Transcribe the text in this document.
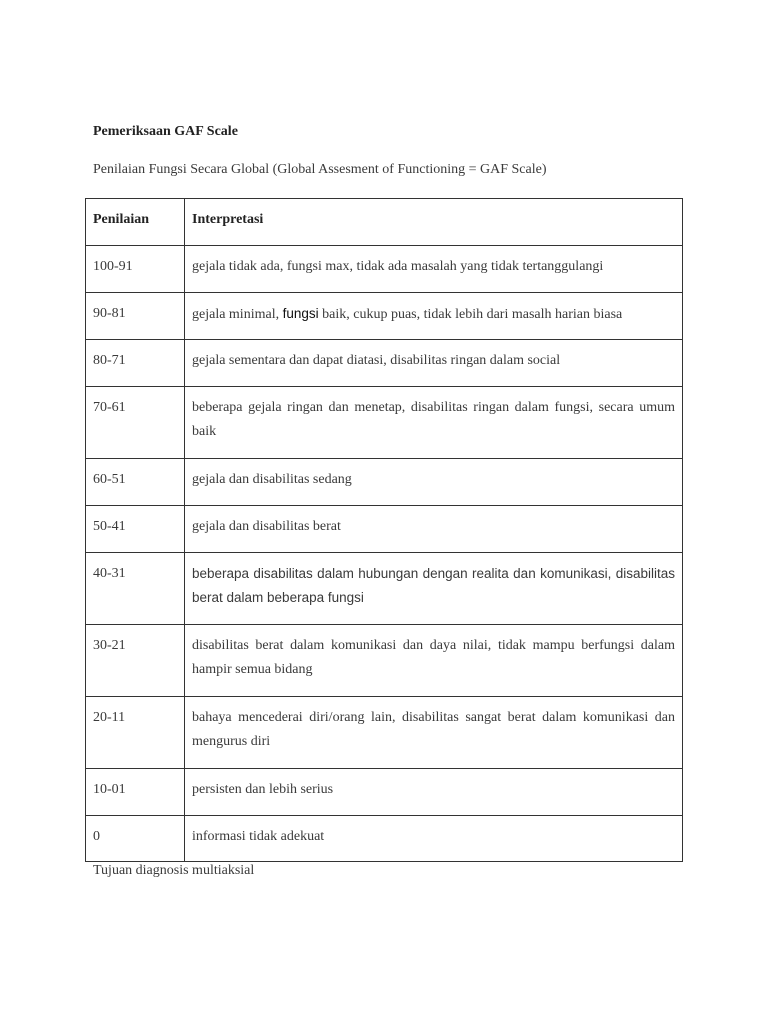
Pemeriksaan GAF Scale

Penilaian Fungsi Secara Global (Global Assesment of Functioning = GAF Scale)

Penilaian	Interpretasi
100-91	gejala tidak ada, fungsi max, tidak ada masalah yang tidak tertanggulangi
90-81	gejala minimal, fungsi baik, cukup puas, tidak lebih dari masalh harian biasa
80-71	gejala sementara dan dapat diatasi, disabilitas ringan dalam social
70-61	beberapa gejala ringan dan menetap, disabilitas ringan dalam fungsi, secara umum baik
60-51	gejala dan disabilitas sedang
50-41	gejala dan disabilitas berat
40-31	beberapa disabilitas dalam hubungan dengan realita dan komunikasi, disabilitas berat dalam beberapa fungsi
30-21	disabilitas berat dalam komunikasi dan daya nilai, tidak mampu berfungsi dalam hampir semua bidang
20-11	bahaya mencederai diri/orang lain, disabilitas sangat berat dalam komunikasi dan mengurus diri
10-01	persisten dan lebih serius
0	informasi tidak adekuat

Tujuan diagnosis multiaksial
